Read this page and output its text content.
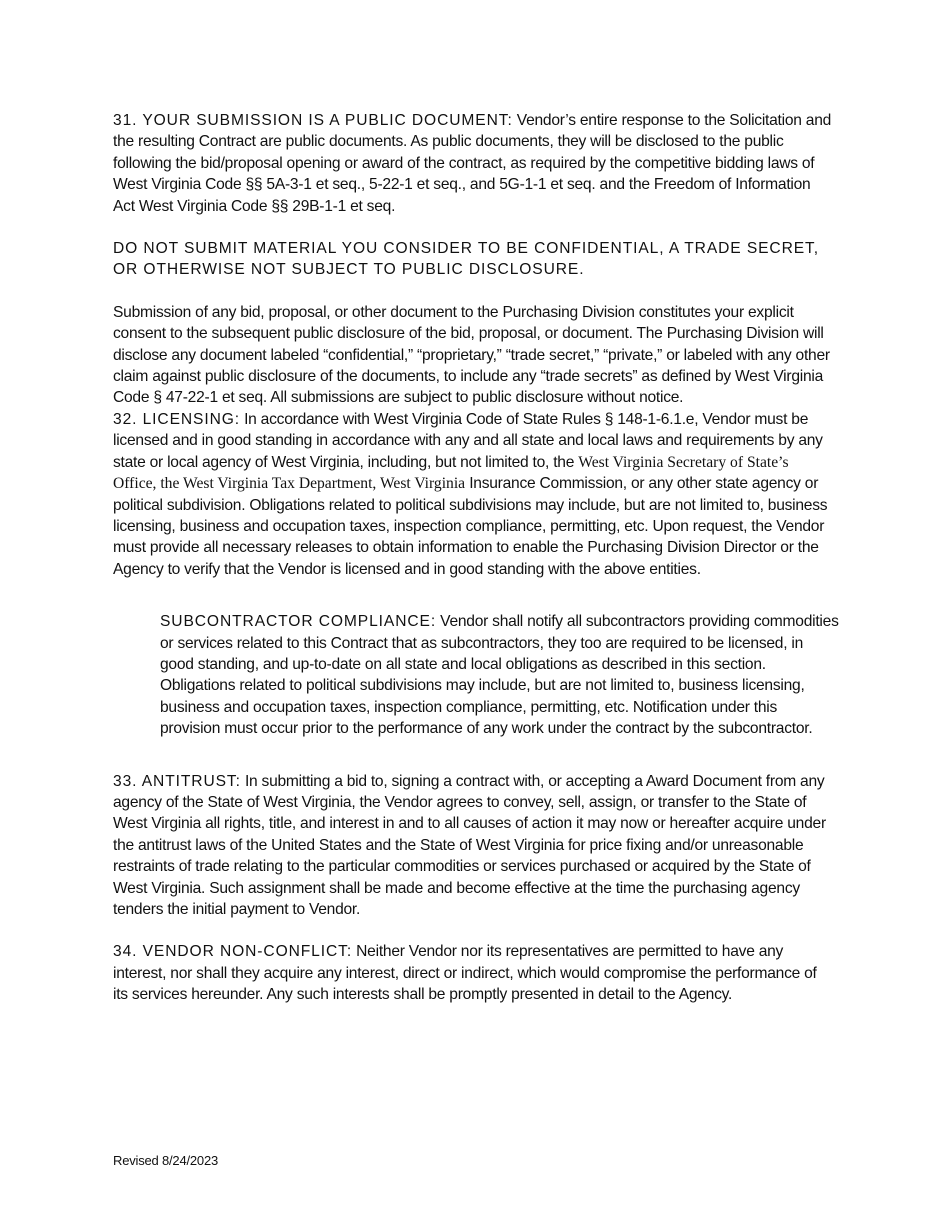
31. YOUR SUBMISSION IS A PUBLIC DOCUMENT: Vendor’s entire response to the Solicitation and the resulting Contract are public documents. As public documents, they will be disclosed to the public following the bid/proposal opening or award of the contract, as required by the competitive bidding laws of West Virginia Code §§ 5A-3-1 et seq., 5-22-1 et seq., and 5G-1-1 et seq. and the Freedom of Information Act West Virginia Code §§ 29B-1-1 et seq.

DO NOT SUBMIT MATERIAL YOU CONSIDER TO BE CONFIDENTIAL, A TRADE SECRET, OR OTHERWISE NOT SUBJECT TO PUBLIC DISCLOSURE.

Submission of any bid, proposal, or other document to the Purchasing Division constitutes your explicit consent to the subsequent public disclosure of the bid, proposal, or document. The Purchasing Division will disclose any document labeled “confidential,” “proprietary,” “trade secret,” “private,” or labeled with any other claim against public disclosure of the documents, to include any “trade secrets” as defined by West Virginia Code § 47-22-1 et seq. All submissions are subject to public disclosure without notice.

32. LICENSING: In accordance with West Virginia Code of State Rules § 148-1-6.1.e, Vendor must be licensed and in good standing in accordance with any and all state and local laws and requirements by any state or local agency of West Virginia, including, but not limited to, the West Virginia Secretary of State’s Office, the West Virginia Tax Department, West Virginia Insurance Commission, or any other state agency or political subdivision. Obligations related to political subdivisions may include, but are not limited to, business licensing, business and occupation taxes, inspection compliance, permitting, etc. Upon request, the Vendor must provide all necessary releases to obtain information to enable the Purchasing Division Director or the Agency to verify that the Vendor is licensed and in good standing with the above entities.

SUBCONTRACTOR COMPLIANCE: Vendor shall notify all subcontractors providing commodities or services related to this Contract that as subcontractors, they too are required to be licensed, in good standing, and up-to-date on all state and local obligations as described in this section. Obligations related to political subdivisions may include, but are not limited to, business licensing, business and occupation taxes, inspection compliance, permitting, etc. Notification under this provision must occur prior to the performance of any work under the contract by the subcontractor.

33. ANTITRUST: In submitting a bid to, signing a contract with, or accepting a Award Document from any agency of the State of West Virginia, the Vendor agrees to convey, sell, assign, or transfer to the State of West Virginia all rights, title, and interest in and to all causes of action it may now or hereafter acquire under the antitrust laws of the United States and the State of West Virginia for price fixing and/or unreasonable restraints of trade relating to the particular commodities or services purchased or acquired by the State of West Virginia. Such assignment shall be made and become effective at the time the purchasing agency tenders the initial payment to Vendor.

34. VENDOR NON-CONFLICT: Neither Vendor nor its representatives are permitted to have any interest, nor shall they acquire any interest, direct or indirect, which would compromise the performance of its services hereunder. Any such interests shall be promptly presented in detail to the Agency.

Revised 8/24/2023
